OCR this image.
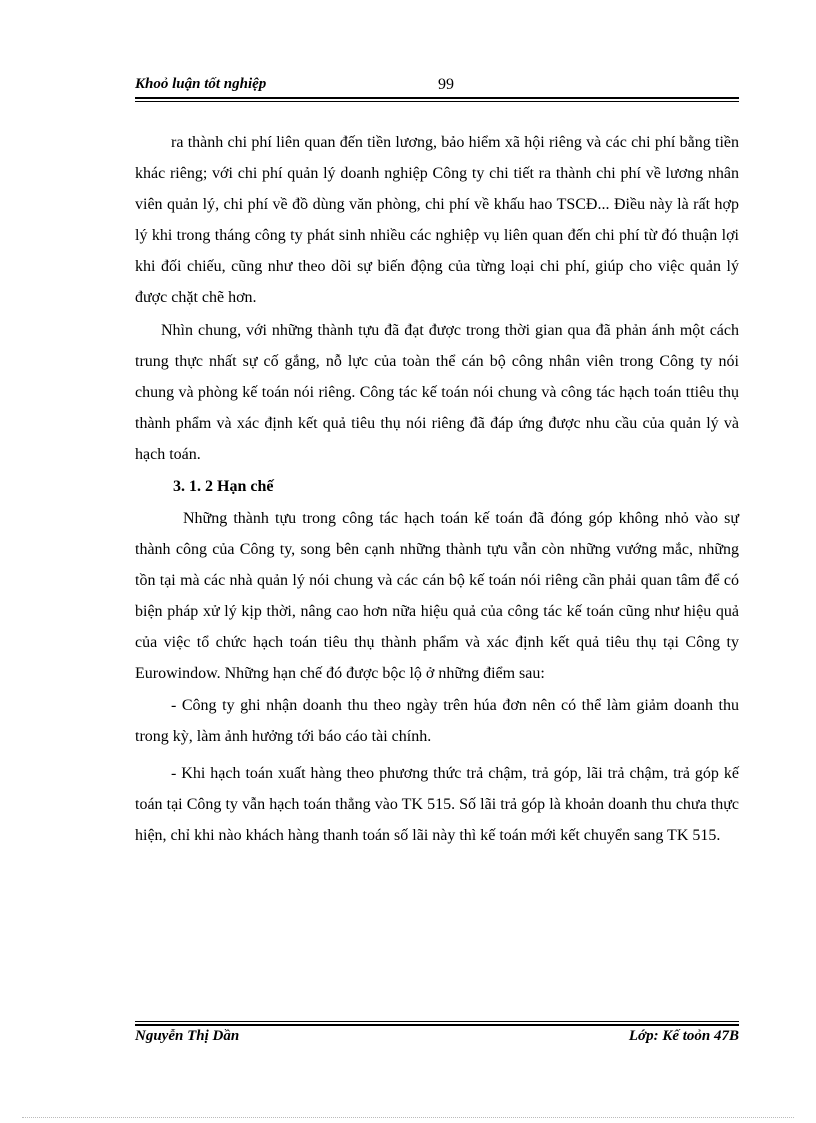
Khoỏ luận tốt nghiệp	99

ra thành chi phí liên quan đến tiền lương, bảo hiểm xã hội riêng và các chi phí bằng tiền khác riêng; với chi phí quản lý doanh nghiệp Công ty chi tiết ra thành chi phí về lương nhân viên quản lý, chi phí về đồ dùng văn phòng, chi phí về khấu hao TSCĐ... Điều này là rất hợp lý khi trong tháng công ty phát sinh nhiều các nghiệp vụ liên quan đến chi phí từ đó thuận lợi khi đối chiếu, cũng như theo dõi sự biến động của từng loại chi phí, giúp cho việc quản lý được chặt chẽ hơn.

Nhìn chung, với những thành tựu đã đạt được trong thời gian qua đã phản ánh một cách trung thực nhất sự cố gắng, nỗ lực của toàn thể cán bộ công nhân viên trong Công ty nói chung và phòng kế toán nói riêng. Công tác kế toán nói chung và công tác hạch toán ttiêu thụ thành phẩm và xác định kết quả tiêu thụ nói riêng đã đáp ứng được nhu cầu của quản lý và hạch toán.

3. 1. 2 Hạn chế

Những thành tựu trong công tác hạch toán kế toán đã đóng góp không nhỏ vào sự thành công của Công ty, song bên cạnh những thành tựu vẫn còn những vướng mắc, những tồn tại mà các nhà quản lý nói chung và các cán bộ kế toán nói riêng cần phải quan tâm để có biện pháp xử lý kịp thời, nâng cao hơn nữa hiệu quả của công tác kế toán cũng như hiệu quả của việc tổ chức hạch toán tiêu thụ thành phẩm và xác định kết quả tiêu thụ tại Công ty Eurowindow. Những hạn chế đó được bộc lộ ở những điểm sau:

- Công ty ghi nhận doanh thu theo ngày trên húa đơn nên có thể làm giảm doanh thu trong kỳ, làm ảnh hưởng tới báo cáo tài chính.

- Khi hạch toán xuất hàng theo phương thức trả chậm, trả góp, lãi trả chậm, trả góp kế toán tại Công ty vẫn hạch toán thẳng vào TK 515. Số lãi trả góp là khoản doanh thu chưa thực hiện, chỉ khi nào khách hàng thanh toán số lãi này thì kế toán mới kết chuyển sang TK 515.

Nguyễn Thị Dần	Lớp: Kế toỏn 47B
